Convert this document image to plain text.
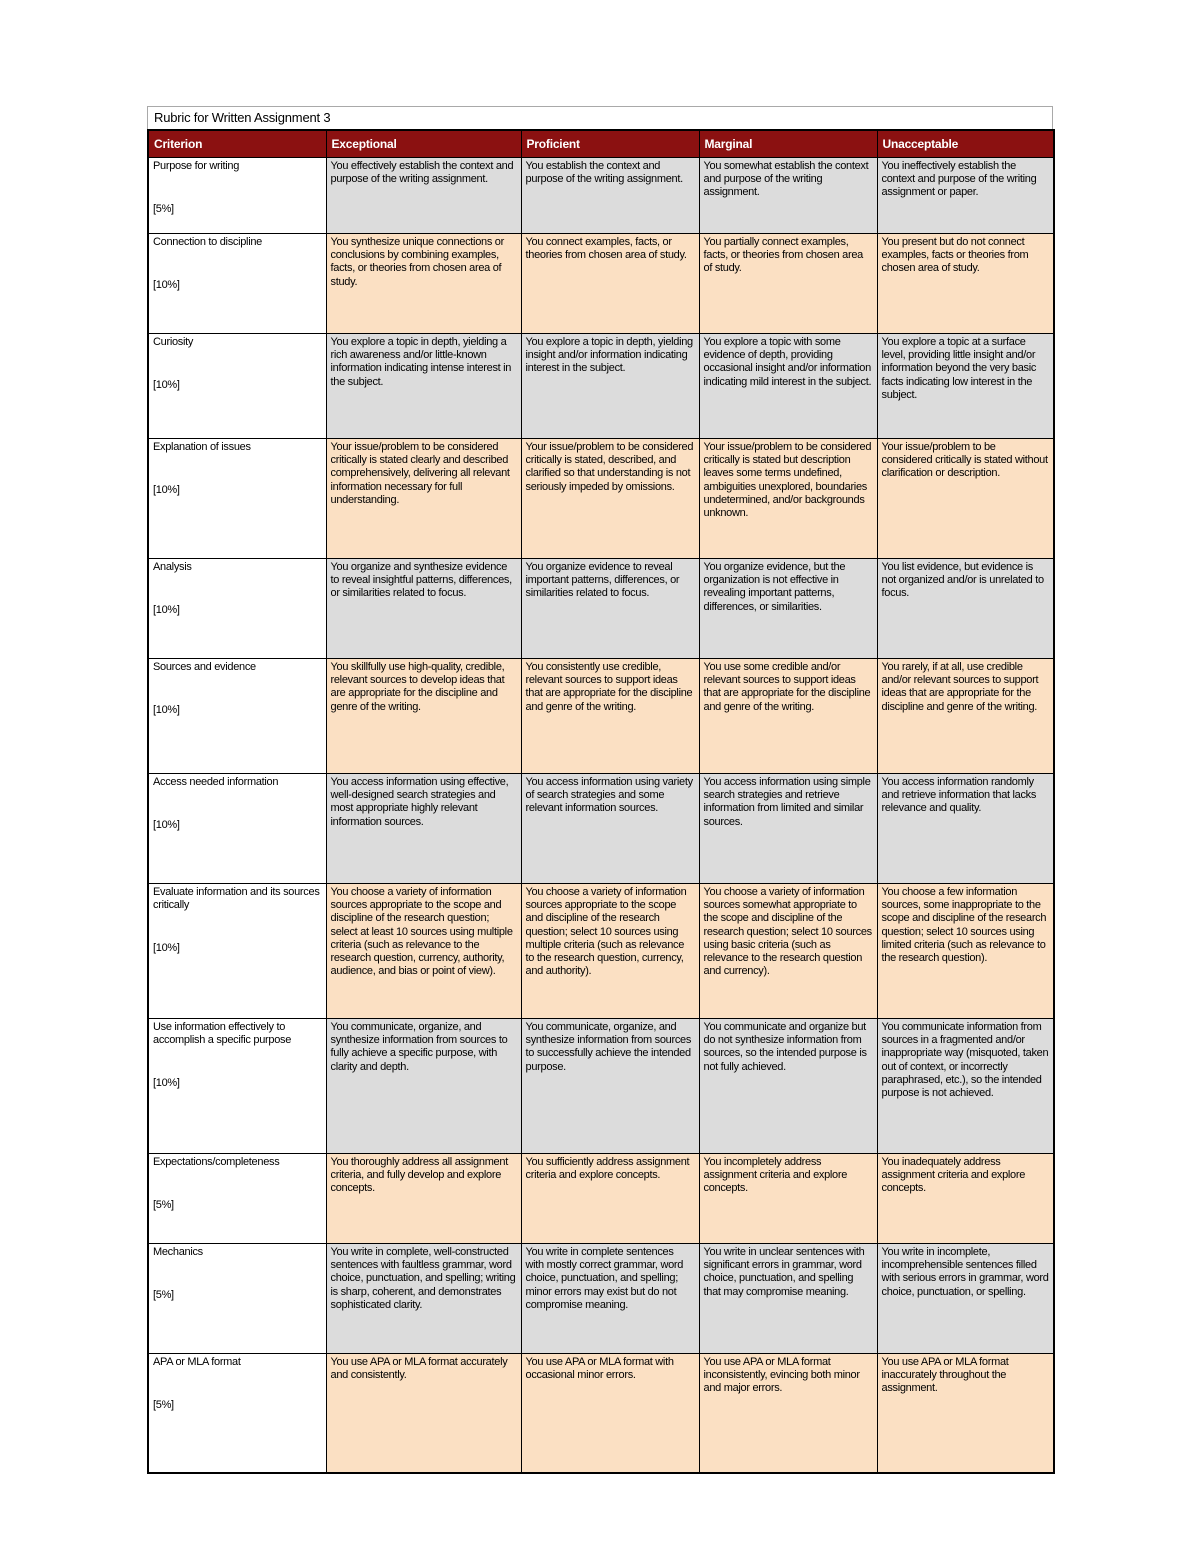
Rubric for Written Assignment 3
Criterion	Exceptional	Proficient	Marginal	Unacceptable

Purpose for writing
[5%]	You effectively establish the context and purpose of the writing assignment.	You establish the context and purpose of the writing assignment.	You somewhat establish the context and purpose of the writing assignment.	You ineffectively establish the context and purpose of the writing assignment or paper.

Connection to discipline
[10%]	You synthesize unique connections or conclusions by combining examples, facts, or theories from chosen area of study.	You connect examples, facts, or theories from chosen area of study.	You partially connect examples, facts, or theories from chosen area of study.	You present but do not connect examples, facts or theories from chosen area of study.

Curiosity
[10%]	You explore a topic in depth, yielding a rich awareness and/or little-known information indicating intense interest in the subject.	You explore a topic in depth, yielding insight and/or information indicating interest in the subject.	You explore a topic with some evidence of depth, providing occasional insight and/or information indicating mild interest in the subject.	You explore a topic at a surface level, providing little insight and/or information beyond the very basic facts indicating low interest in the subject.

Explanation of issues
[10%]	Your issue/problem to be considered critically is stated clearly and described comprehensively, delivering all relevant information necessary for full understanding.	Your issue/problem to be considered critically is stated, described, and clarified so that understanding is not seriously impeded by omissions.	Your issue/problem to be considered critically is stated but description leaves some terms undefined, ambiguities unexplored, boundaries undetermined, and/or backgrounds unknown.	Your issue/problem to be considered critically is stated without clarification or description.

Analysis
[10%]	You organize and synthesize evidence to reveal insightful patterns, differences, or similarities related to focus.	You organize evidence to reveal important patterns, differences, or similarities related to focus.	You organize evidence, but the organization is not effective in revealing important patterns, differences, or similarities.	You list evidence, but evidence is not organized and/or is unrelated to focus.

Sources and evidence
[10%]	You skillfully use high-quality, credible, relevant sources to develop ideas that are appropriate for the discipline and genre of the writing.	You consistently use credible, relevant sources to support ideas that are appropriate for the discipline and genre of the writing.	You use some credible and/or relevant sources to support ideas that are appropriate for the discipline and genre of the writing.	You rarely, if at all, use credible and/or relevant sources to support ideas that are appropriate for the discipline and genre of the writing.

Access needed information
[10%]	You access information using effective, well-designed search strategies and most appropriate highly relevant information sources.	You access information using variety of search strategies and some relevant information sources.	You access information using simple search strategies and retrieve information from limited and similar sources.	You access information randomly and retrieve information that lacks relevance and quality.

Evaluate information and its sources critically
[10%]
	You choose a variety of information sources appropriate to the scope and discipline of the research question; select at least 10 sources using multiple criteria (such as relevance to the research question, currency, authority, audience, and bias or point of view).	You choose a variety of information sources appropriate to the scope and discipline of the research question; select 10 sources using multiple criteria (such as relevance to the research question, currency, and authority).	You choose a variety of information sources somewhat appropriate to the scope and discipline of the research question; select 10 sources using basic criteria (such as relevance to the research question and currency).	You choose a few information sources, some inappropriate to the scope and discipline of the research question; select 10 sources using limited criteria (such as relevance to the research question).

Use information effectively to accomplish a specific purpose
[10%]	You communicate, organize, and synthesize information from sources to fully achieve a specific purpose, with clarity and depth.	You communicate, organize, and synthesize information from sources to successfully achieve the intended purpose.	You communicate and organize but do not synthesize information from sources, so the intended purpose is not fully achieved.	You communicate information from sources in a fragmented and/or inappropriate way (misquoted, taken out of context, or incorrectly paraphrased, etc.), so the intended purpose is not achieved.

Expectations/completeness
[5%]	You thoroughly address all assignment criteria, and fully develop and explore concepts.	You sufficiently address assignment criteria and explore concepts.	You incompletely address assignment criteria and explore concepts.	You inadequately address assignment criteria and explore concepts.

Mechanics
[5%]	You write in complete, well-constructed sentences with faultless grammar, word choice, punctuation, and spelling; writing is sharp, coherent, and demonstrates sophisticated clarity.	You write in complete sentences with mostly correct grammar, word choice, punctuation, and spelling; minor errors may exist but do not compromise meaning.	You write in unclear sentences with significant errors in grammar, word choice, punctuation, and spelling that may compromise meaning.	You write in incomplete, incomprehensible sentences filled with serious errors in grammar, word choice, punctuation, or spelling.

APA or MLA format
[5%]	You use APA or MLA format accurately and consistently.	You use APA or MLA format with occasional minor errors.	You use APA or MLA format inconsistently, evincing both minor and major errors.	You use APA or MLA format inaccurately throughout the assignment.
